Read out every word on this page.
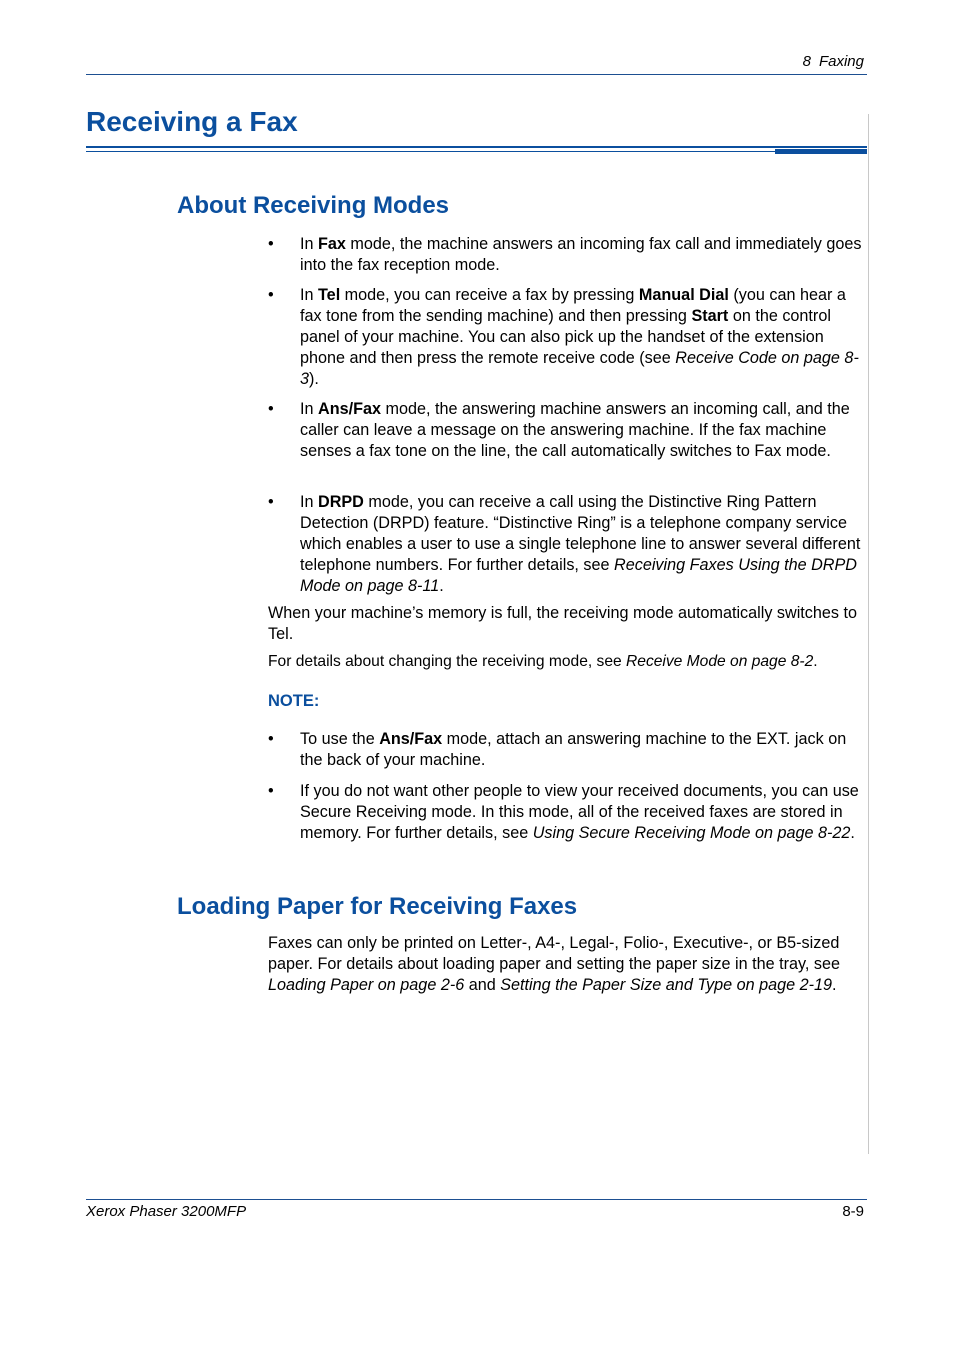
8 Faxing
Receiving a Fax
About Receiving Modes
• In Fax mode, the machine answers an incoming fax call and immediately goes into the fax reception mode.
• In Tel mode, you can receive a fax by pressing Manual Dial (you can hear a fax tone from the sending machine) and then pressing Start on the control panel of your machine. You can also pick up the handset of the extension phone and then press the remote receive code (see Receive Code on page 8-3).
• In Ans/Fax mode, the answering machine answers an incoming call, and the caller can leave a message on the answering machine. If the fax machine senses a fax tone on the line, the call automatically switches to Fax mode.
• In DRPD mode, you can receive a call using the Distinctive Ring Pattern Detection (DRPD) feature. “Distinctive Ring” is a telephone company service which enables a user to use a single telephone line to answer several different telephone numbers. For further details, see Receiving Faxes Using the DRPD Mode on page 8-11.
When your machine’s memory is full, the receiving mode automatically switches to Tel.
For details about changing the receiving mode, see Receive Mode on page 8-2.
NOTE:
• To use the Ans/Fax mode, attach an answering machine to the EXT. jack on the back of your machine.
• If you do not want other people to view your received documents, you can use Secure Receiving mode. In this mode, all of the received faxes are stored in memory. For further details, see Using Secure Receiving Mode on page 8-22.
Loading Paper for Receiving Faxes
Faxes can only be printed on Letter-, A4-, Legal-, Folio-, Executive-, or B5-sized paper. For details about loading paper and setting the paper size in the tray, see Loading Paper on page 2-6 and Setting the Paper Size and Type on page 2-19.
Xerox Phaser 3200MFP	8-9
